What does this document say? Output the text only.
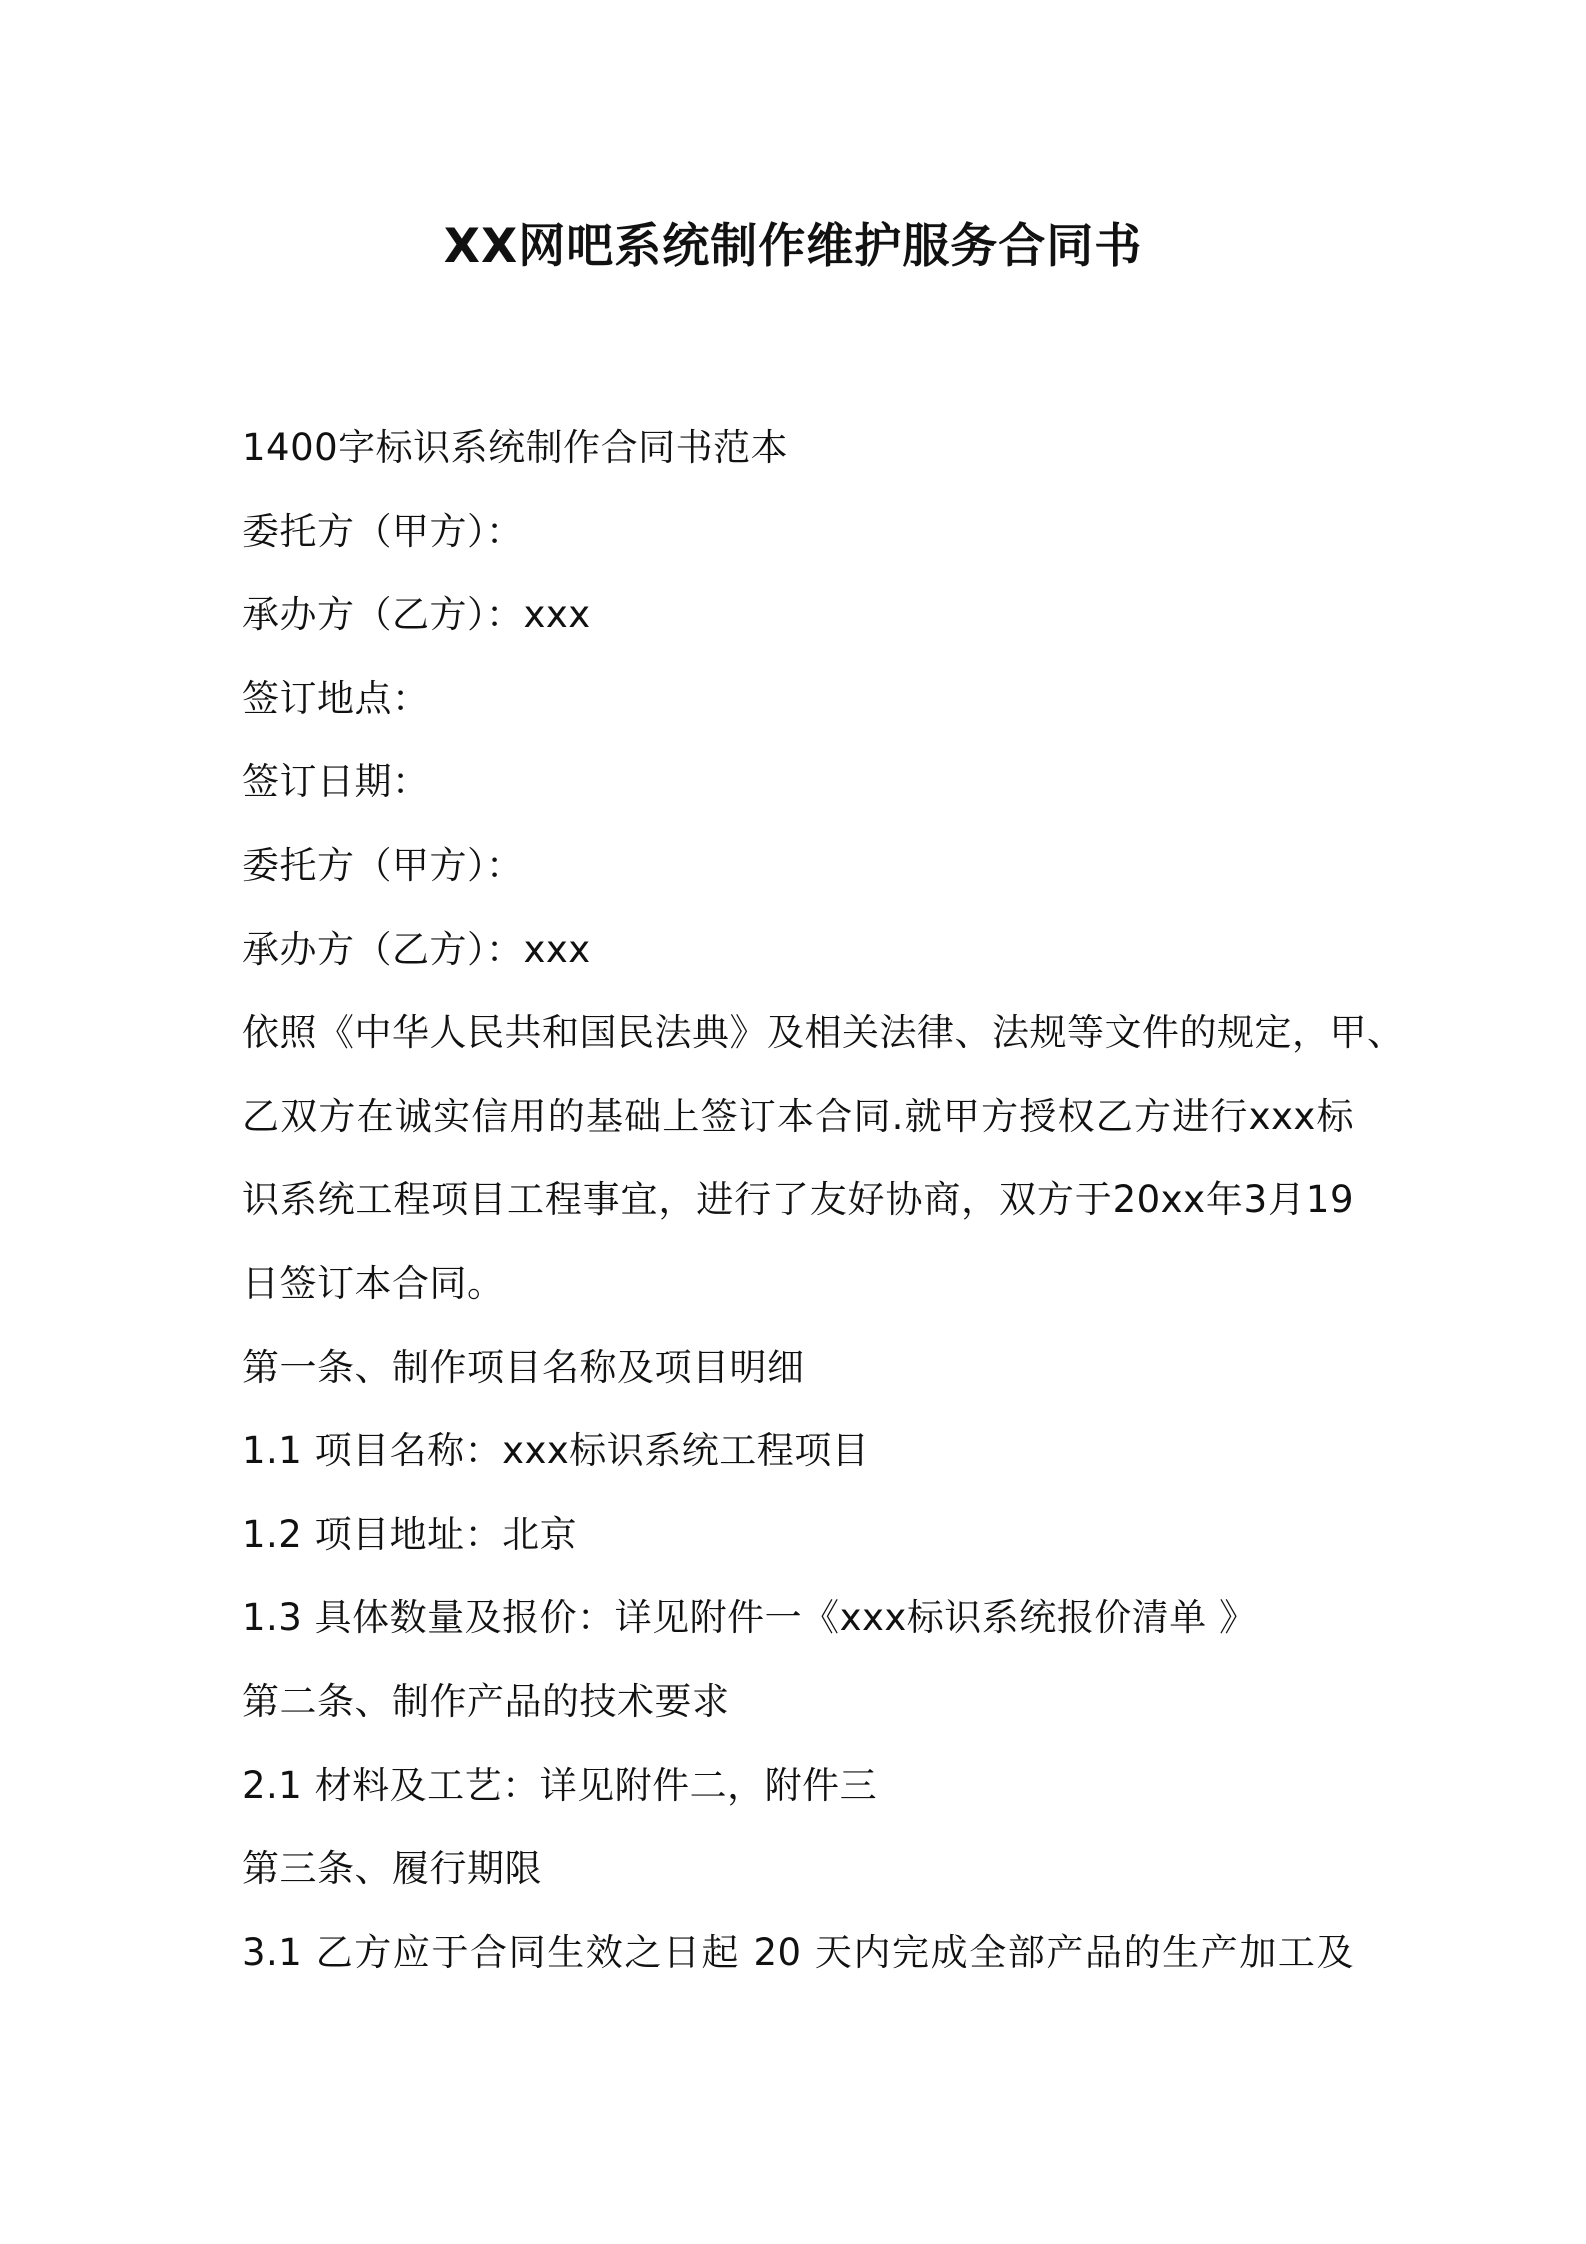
XX网吧系统制作维护服务合同书
1400字标识系统制作合同书范本
委托方（甲方）：
承办方（乙方）：xxx
签订地点：
签订日期：
委托方（甲方）：
承办方（乙方）：xxx
依照《中华人民共和国民法典》及相关法律、法规等文件的规定，甲、
乙双方在诚实信用的基础上签订本合同.就甲方授权乙方进行xxx标
识系统工程项目工程事宜，进行了友好协商，双方于20xx年3月19
日签订本合同。
第一条、制作项目名称及项目明细
1.1 项目名称：xxx标识系统工程项目
1.2 项目地址：北京
1.3 具体数量及报价：详见附件一《xxx标识系统报价清单 》
第二条、制作产品的技术要求
2.1 材料及工艺：详见附件二，附件三
第三条、履行期限
3.1 乙方应于合同生效之日起 20 天内完成全部产品的生产加工及
